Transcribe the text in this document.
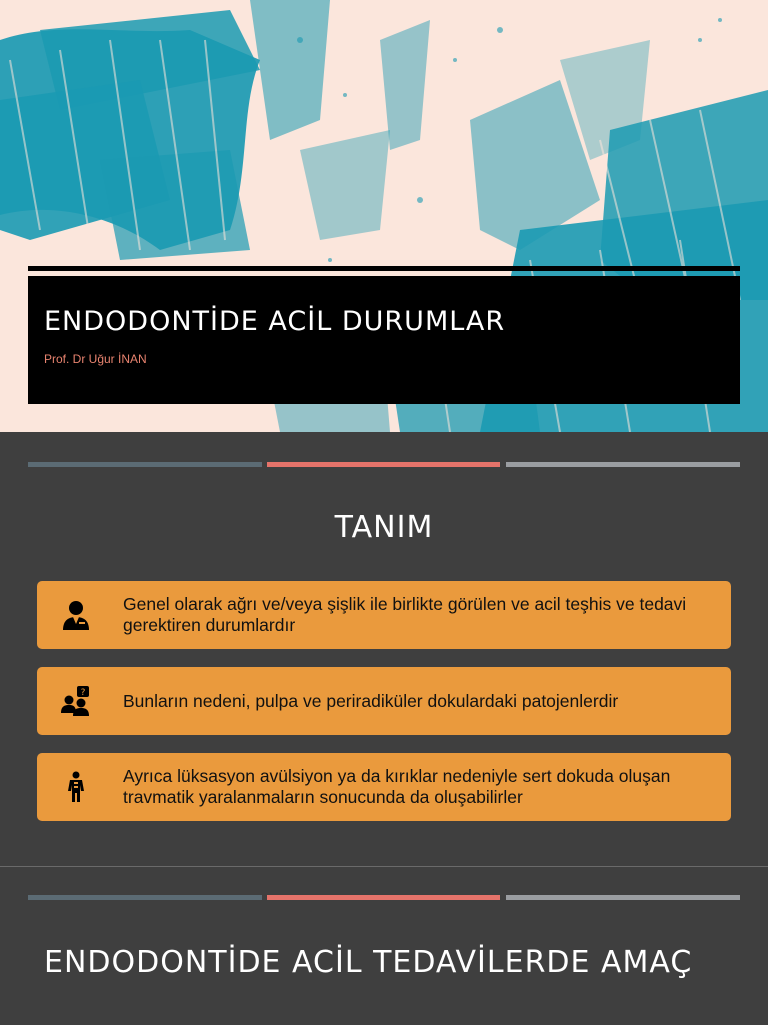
ENDODONTİDE ACİL DURUMLAR
Prof. Dr Uğur İNAN
TANIM
Genel olarak ağrı ve/veya şişlik ile birlikte görülen ve acil teşhis ve tedavi gerektiren durumlardır
? Bunların nedeni, pulpa ve periradiküler dokulardaki patojenlerdir
Ayrıca lüksasyon avülsiyon ya da kırıklar nedeniyle sert dokuda oluşan travmatik yaralanmaların sonucunda da oluşabilirler
ENDODONTİDE ACİL TEDAVİLERDE AMAÇ
